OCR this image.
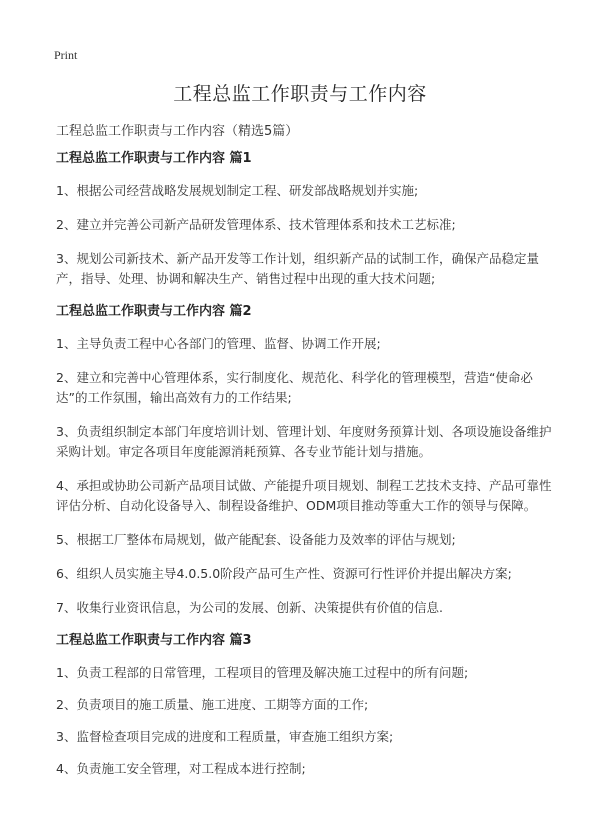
Print
工程总监工作职责与工作内容
工程总监工作职责与工作内容（精选5篇）
工程总监工作职责与工作内容 篇1

1、根据公司经营战略发展规划制定工程、研发部战略规划并实施;

2、建立并完善公司新产品研发管理体系、技术管理体系和技术工艺标准;

3、规划公司新技术、新产品开发等工作计划，组织新产品的试制工作，确保产品稳定量产，指导、处理、协调和解决生产、销售过程中出现的重大技术问题;

工程总监工作职责与工作内容 篇2

1、主导负责工程中心各部门的管理、监督、协调工作开展;

2、建立和完善中心管理体系，实行制度化、规范化、科学化的管理模型，营造“使命必达”的工作氛围，输出高效有力的工作结果;

3、负责组织制定本部门年度培训计划、管理计划、年度财务预算计划、各项设施设备维护采购计划。审定各项目年度能源消耗预算、各专业节能计划与措施。

4、承担或协助公司新产品项目试做、产能提升项目规划、制程工艺技术支持、产品可靠性评估分析、自动化设备导入、制程设备维护、ODM项目推动等重大工作的领导与保障。

5、根据工厂整体布局规划，做产能配套、设备能力及效率的评估与规划;

6、组织人员实施主导4.0.5.0阶段产品可生产性、资源可行性评价并提出解决方案;

7、收集行业资讯信息，为公司的发展、创新、决策提供有价值的信息.

工程总监工作职责与工作内容 篇3

1、负责工程部的日常管理，工程项目的管理及解决施工过程中的所有问题;

2、负责项目的施工质量、施工进度、工期等方面的工作;

3、监督检查项目完成的进度和工程质量，审查施工组织方案;

4、负责施工安全管理，对工程成本进行控制;
